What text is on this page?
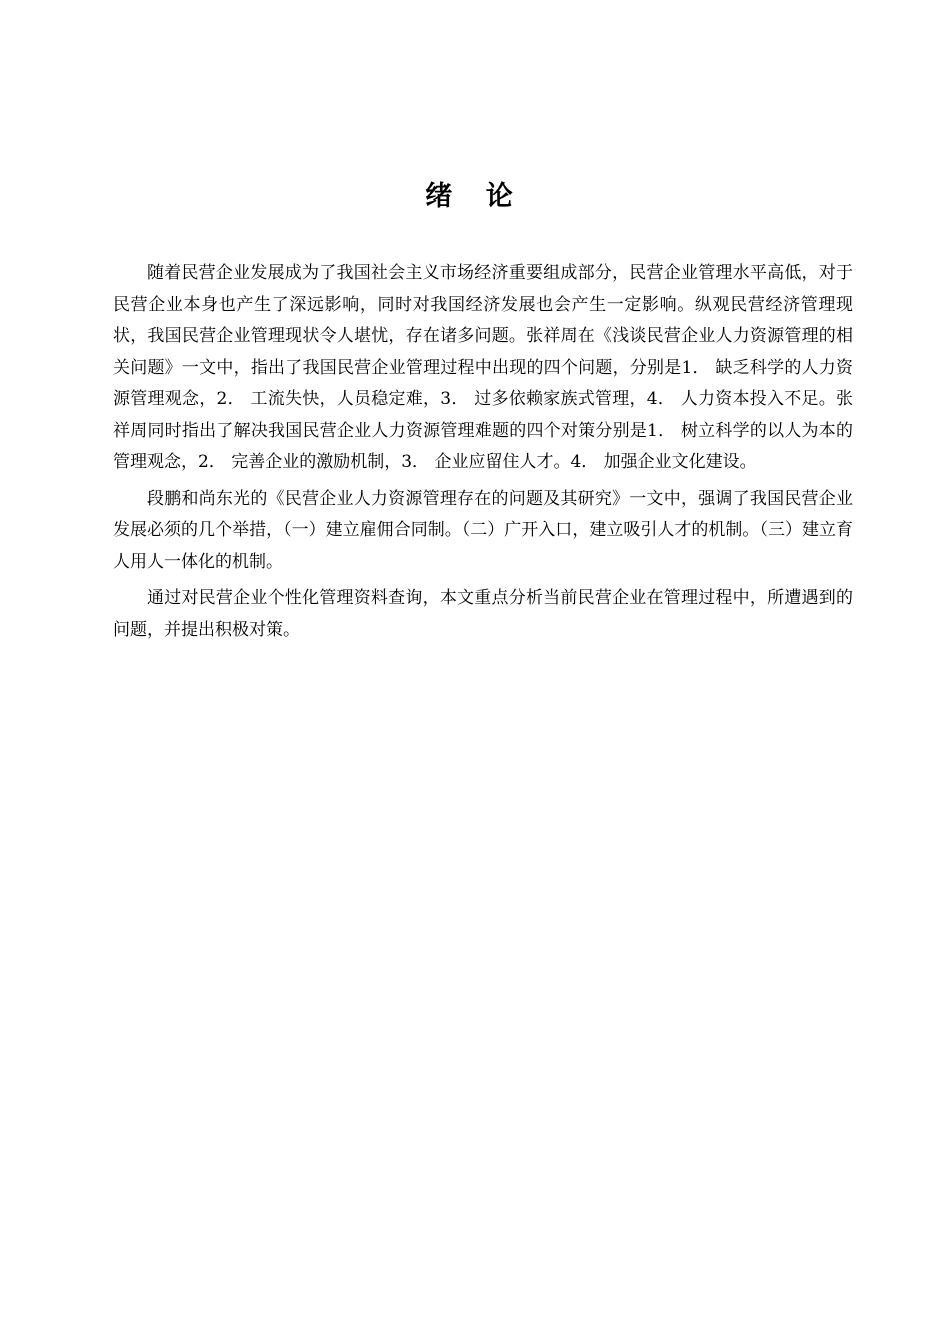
绪 论

随着民营企业发展成为了我国社会主义市场经济重要组成部分，民营企业管理水平高低，对于民营企业本身也产生了深远影响，同时对我国经济发展也会产生一定影响。纵观民营经济管理现状，我国民营企业管理现状令人堪忧，存在诸多问题。张祥周在《浅谈民营企业人力资源管理的相关问题》一文中，指出了我国民营企业管理过程中出现的四个问题，分别是1． 缺乏科学的人力资源管理观念，2． 工流失快，人员稳定难，3． 过多依赖家族式管理，4． 人力资本投入不足。张祥周同时指出了解决我国民营企业人力资源管理难题的四个对策分别是1． 树立科学的以人为本的管理观念，2． 完善企业的激励机制，3． 企业应留住人才。4． 加强企业文化建设。

段鹏和尚东光的《民营企业人力资源管理存在的问题及其研究》一文中，强调了我国民营企业发展必须的几个举措，（一）建立雇佣合同制。（二）广开入口，建立吸引人才的机制。（三）建立育人用人一体化的机制。

通过对民营企业个性化管理资料查询，本文重点分析当前民营企业在管理过程中，所遭遇到的问题，并提出积极对策。
